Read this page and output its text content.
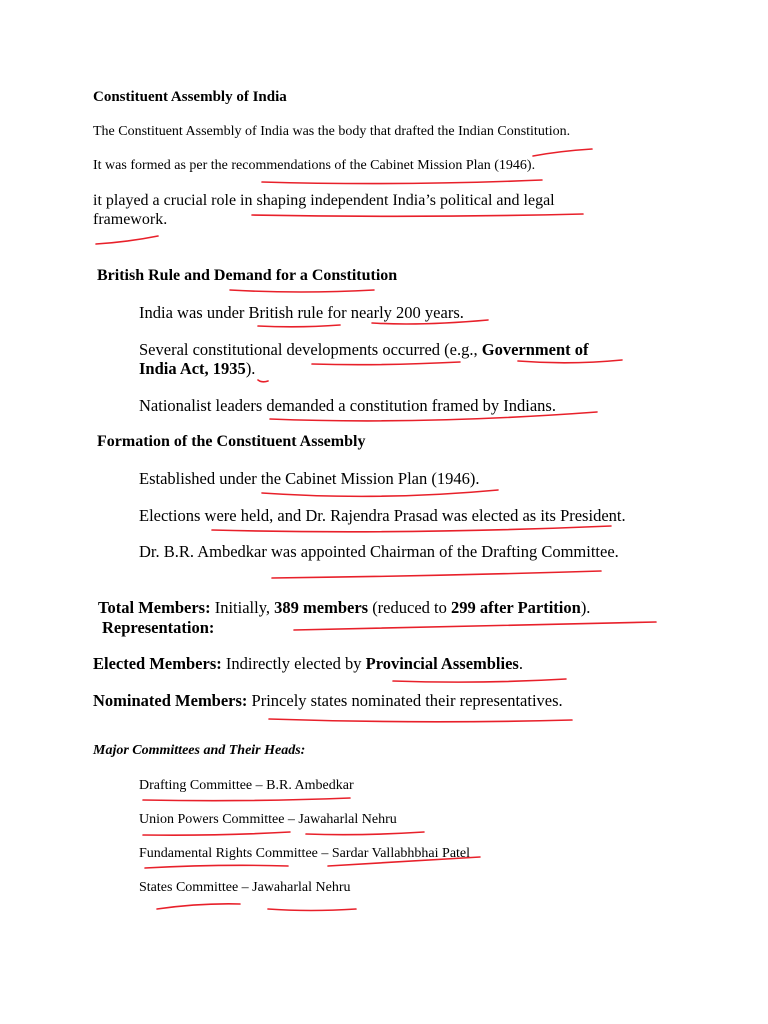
Constituent Assembly of India

The Constituent Assembly of India was the body that drafted the Indian Constitution.

It was formed as per the recommendations of the Cabinet Mission Plan (1946).

it played a crucial role in shaping independent India’s political and legal

framework.

British Rule and Demand for a Constitution

India was under British rule for nearly 200 years.

Several constitutional developments occurred (e.g., Government of

India Act, 1935).

Nationalist leaders demanded a constitution framed by Indians.

Formation of the Constituent Assembly

Established under the Cabinet Mission Plan (1946).

Elections were held, and Dr. Rajendra Prasad was elected as its President.

Dr. B.R. Ambedkar was appointed Chairman of the Drafting Committee.

Total Members: Initially, 389 members (reduced to 299 after Partition).

Representation:

Elected Members: Indirectly elected by Provincial Assemblies.

Nominated Members: Princely states nominated their representatives.

Major Committees and Their Heads:

Drafting Committee – B.R. Ambedkar

Union Powers Committee – Jawaharlal Nehru

Fundamental Rights Committee – Sardar Vallabhbhai Patel

States Committee – Jawaharlal Nehru
